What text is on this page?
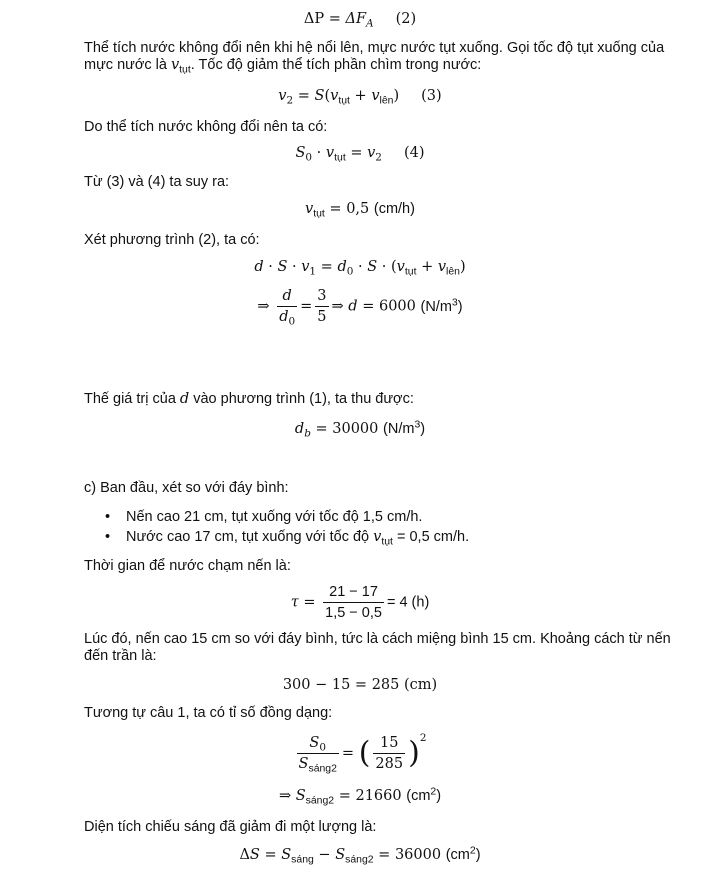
$\Delta P = \Delta F_A$ (2)
Thể tích nước không đổi nên khi hệ nổi lên, mực nước tụt xuống. Gọi tốc độ tụt xuống của mực nước là $v_{tụt}$. Tốc độ giảm thể tích phần chìm trong nước:
$v_2 = S(v_{tụt} + v_{lên})$ (3)
Do thể tích nước không đổi nên ta có:
$S_0 \cdot v_{tụt} = v_2$ (4)
Từ (3) và (4) ta suy ra:
$v_{tụt} = 0,5$ (cm/h)
Xét phương trình (2), ta có:
$d \cdot S \cdot v_1 = d_0 \cdot S \cdot (v_{tụt} + v_{lên})$
⇒ $\frac{d}{d_0} = \frac{3}{5}$ ⇒ d = 6000 $(N/m^3)$
Thế giá trị của d vào phương trình (1), ta thu được:
$d_b = 30000$ $(N/m^3)$
c) Ban đầu, xét so với đáy bình:
• Nến cao 21 cm, tụt xuống với tốc độ 1,5 cm/h.
• Nước cao 17 cm, tụt xuống với tốc độ $v_{tụt} = 0,5$ cm/h.
Thời gian để nước chạm nến là:
$\tau = \frac{21 - 17}{1,5 - 0,5} = 4$ (h)
Lúc đó, nến cao 15 cm so với đáy bình, tức là cách miệng bình 15 cm. Khoảng cách từ nến đến trần là:
300 − 15 = 285 (cm)
Tương tự câu 1, ta có tỉ số đồng dạng:
$\frac{S_0}{S_{sáng2}}$ = ( $\frac{15}{285} )^2$
⇒ $S_{sáng2} = 21660$ $(cm^2)$
Diện tích chiếu sáng đã giảm đi một lượng là:
$\Delta S = S_{sáng} - S_{sáng2} = 36000$ $(cm^2)$
